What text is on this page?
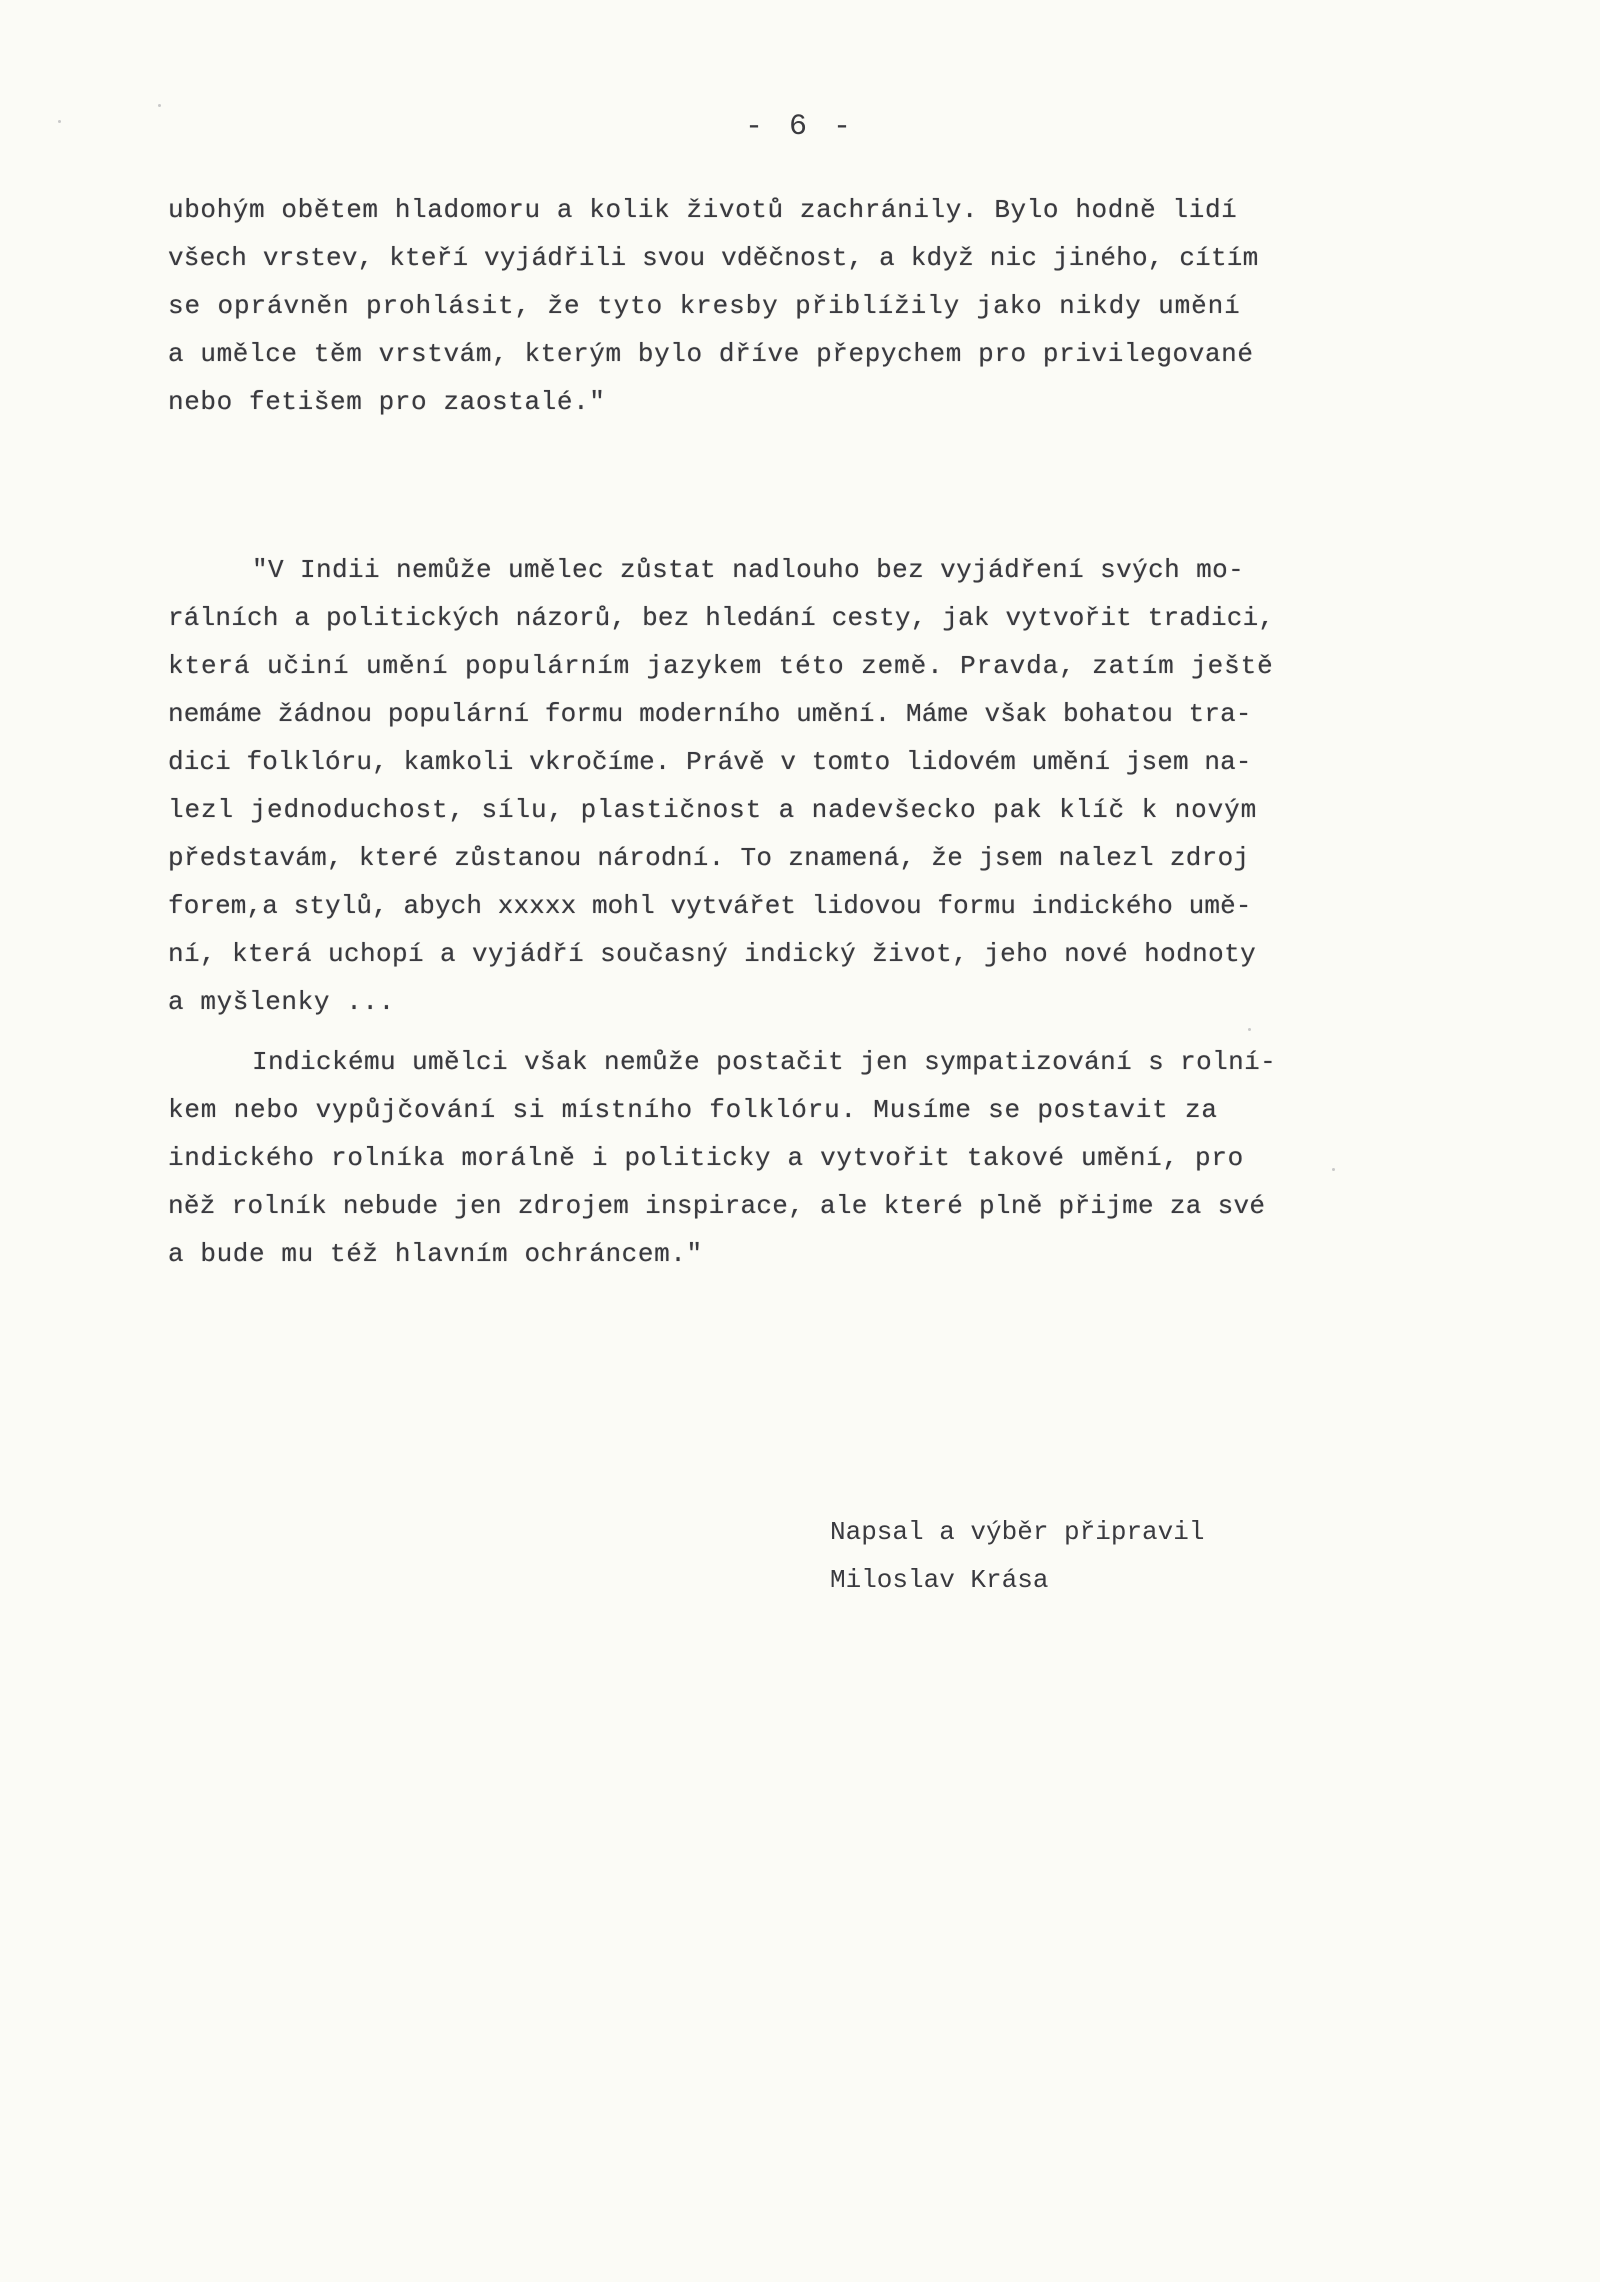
- 6 -
ubohým obětem hladomoru a kolik životů zachránily. Bylo hodně lidí
všech vrstev, kteří vyjádřili svou vděčnost, a když nic jiného, cítím
se oprávněn prohlásit, že tyto kresby přiblížily jako nikdy umění
a umělce těm vrstvám, kterým bylo dříve přepychem pro privilegované
nebo fetišem pro zaostalé."
"V Indii nemůže umělec zůstat nadlouho bez vyjádření svých mo-
rálních a politických názorů, bez hledání cesty, jak vytvořit tradici,
která učiní umění populárním jazykem této země. Pravda, zatím ještě
nemáme žádnou populární formu moderního umění. Máme však bohatou tra-
dici folklóru, kamkoli vkročíme. Právě v tomto lidovém umění jsem na-
lezl jednoduchost, sílu, plastičnost a nadevšecko pak klíč k novým
představám, které zůstanou národní. To znamená, že jsem nalezl zdroj
forem,a stylů, abych xxxxx mohl vytvářet lidovou formu indického umě-
ní, která uchopí a vyjádří současný indický život, jeho nové hodnoty
a myšlenky ...
Indickému umělci však nemůže postačit jen sympatizování s rolní-
kem nebo vypůjčování si místního folklóru. Musíme se postavit za
indického rolníka morálně i politicky a vytvořit takové umění, pro
něž rolník nebude jen zdrojem inspirace, ale které plně přijme za své
a bude mu též hlavním ochráncem."
Napsal a výběr připravil
Miloslav Krása
